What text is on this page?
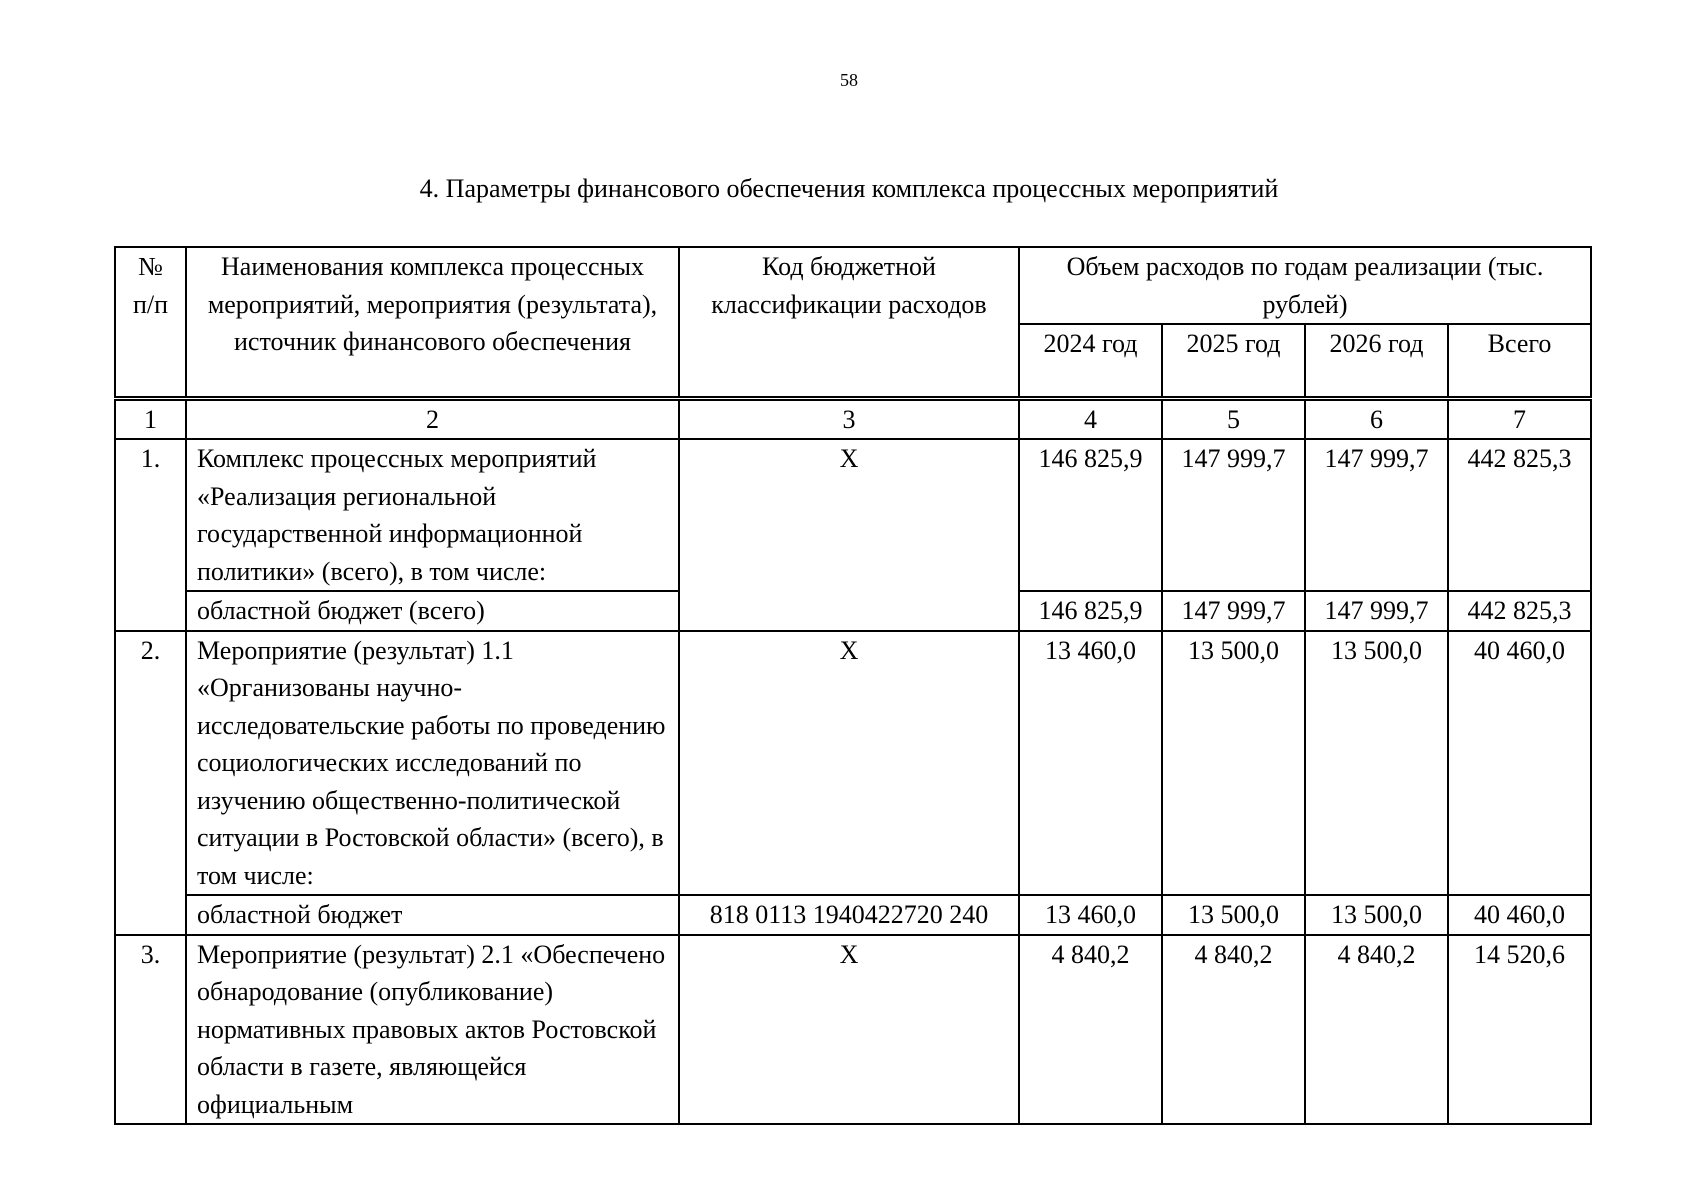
58
4. Параметры финансового обеспечения комплекса процессных мероприятий
№ п/п	Наименования комплекса процессных мероприятий, мероприятия (результата), источник финансового обеспечения	Код бюджетной классификации расходов	Объем расходов по годам реализации (тыс. рублей)			
			2024 год	2025 год	2026 год	Всего
1	2	3	4	5	6	7
1.	Комплекс процессных мероприятий «Реализация региональной государственной информационной политики» (всего), в том числе:	Х	146 825,9	147 999,7	147 999,7	442 825,3
	областной бюджет (всего)		146 825,9	147 999,7	147 999,7	442 825,3
2.	Мероприятие (результат) 1.1 «Организованы научно-исследовательские работы по проведению социологических исследований по изучению общественно-политической ситуации в Ростовской области» (всего), в том числе:	Х	13 460,0	13 500,0	13 500,0	40 460,0
	областной бюджет	818 0113 1940422720 240	13 460,0	13 500,0	13 500,0	40 460,0
3.	Мероприятие (результат) 2.1 «Обеспечено обнародование (опубликование) нормативных правовых актов Ростовской области в газете, являющейся официальным	Х	4 840,2	4 840,2	4 840,2	14 520,6
